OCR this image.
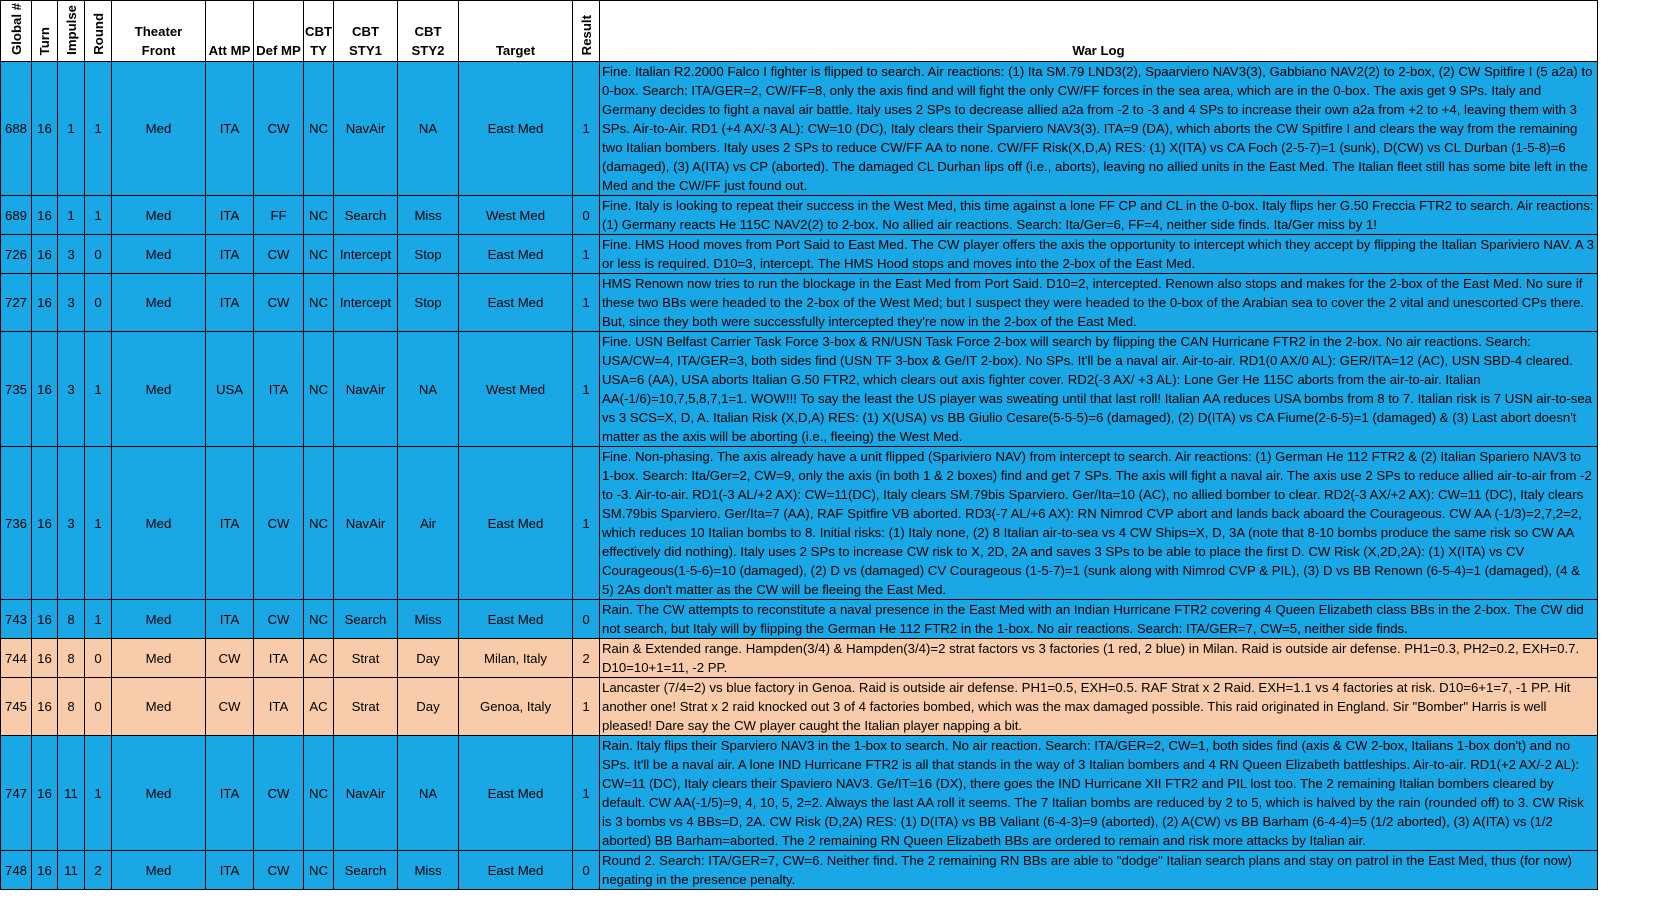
Global #	Turn	Impulse	Round	Theater Front	Att MP	Def MP	CBT TY	CBT STY1	CBT STY2	Target	Result	War Log
688	16	1	1	Med	ITA	CW	NC	NavAir	NA	East Med	1	Fine. Italian R2.2000 Falco I fighter is flipped to search. Air reactions: (1) Ita SM.79 LND3(2), Spaarviero NAV3(3), Gabbiano NAV2(2) to 2-box, (2) CW Spitfire I (5 a2a) to 0-box. Search: ITA/GER=2, CW/FF=8, only the axis find and will fight the only CW/FF forces in the sea area, which are in the 0-box. The axis get 9 SPs. Italy and Germany decides to fight a naval air battle. Italy uses 2 SPs to decrease allied a2a from -2 to -3 and 4 SPs to increase their own a2a from +2 to +4, leaving them with 3 SPs. Air-to-Air. RD1 (+4 AX/-3 AL): CW=10 (DC), Italy clears their Sparviero NAV3(3). ITA=9 (DA), which aborts the CW Spitfire I and clears the way from the remaining two Italian bombers. Italy uses 2 SPs to reduce CW/FF AA to none. CW/FF Risk(X,D,A) RES: (1) X(ITA) vs CA Foch (2-5-7)=1 (sunk), D(CW) vs CL Durban (1-5-8)=6 (damaged), (3) A(ITA) vs CP (aborted). The damaged CL Durhan lips off (i.e., aborts), leaving no allied units in the East Med. The Italian fleet still has some bite left in the Med and the CW/FF just found out.
689	16	1	1	Med	ITA	FF	NC	Search	Miss	West Med	0	Fine. Italy is looking to repeat their success in the West Med, this time against a lone FF CP and CL in the 0-box. Italy flips her G.50 Freccia FTR2 to search. Air reactions: (1) Germany reacts He 115C NAV2(2) to 2-box. No allied air reactions. Search: Ita/Ger=6, FF=4, neither side finds. Ita/Ger miss by 1!
726	16	3	0	Med	ITA	CW	NC	Intercept	Stop	East Med	1	Fine. HMS Hood moves from Port Said to East Med. The CW player offers the axis the opportunity to intercept which they accept by flipping the Italian Spariviero NAV. A 3 or less is required. D10=3, intercept. The HMS Hood stops and moves into the 2-box of the East Med.
727	16	3	0	Med	ITA	CW	NC	Intercept	Stop	East Med	1	HMS Renown now tries to run the blockage in the East Med from Port Said. D10=2, intercepted. Renown also stops and makes for the 2-box of the East Med. No sure if these two BBs were headed to the 2-box of the West Med; but I suspect they were headed to the 0-box of the Arabian sea to cover the 2 vital and unescorted CPs there. But, since they both were successfully intercepted they're now in the 2-box of the East Med.
735	16	3	1	Med	USA	ITA	NC	NavAir	NA	West Med	1	Fine. USN Belfast Carrier Task Force 3-box & RN/USN Task Force 2-box will search by flipping the CAN Hurricane FTR2 in the 2-box. No air reactions. Search: USA/CW=4, ITA/GER=3, both sides find (USN TF 3-box & Ge/IT 2-box). No SPs. It'll be a naval air. Air-to-air. RD1(0 AX/0 AL): GER/ITA=12 (AC), USN SBD-4 cleared. USA=6 (AA), USA aborts Italian G.50 FTR2, which clears out axis fighter cover. RD2(-3 AX/ +3 AL): Lone Ger He 115C aborts from the air-to-air. Italian AA(-1/6)=10,7,5,8,7,1=1. WOW!!! To say the least the US player was sweating until that last roll! Italian AA reduces USA bombs from 8 to 7. Italian risk is 7 USN air-to-sea vs 3 SCS=X, D, A. Italian Risk (X,D,A) RES: (1) X(USA) vs BB Giulio Cesare(5-5-5)=6 (damaged), (2) D(ITA) vs CA Fiume(2-6-5)=1 (damaged) & (3) Last abort doesn't matter as the axis will be aborting (i.e., fleeing) the West Med.
736	16	3	1	Med	ITA	CW	NC	NavAir	Air	East Med	1	Fine. Non-phasing. The axis already have a unit flipped (Spariviero NAV) from intercept to search. Air reactions: (1) German He 112 FTR2 & (2) Italian Spariero NAV3 to 1-box. Search: Ita/Ger=2, CW=9, only the axis (in both 1 & 2 boxes) find and get 7 SPs. The axis will fight a naval air. The axis use 2 SPs to reduce allied air-to-air from -2 to -3. Air-to-air. RD1(-3 AL/+2 AX): CW=11(DC), Italy clears SM.79bis Sparviero. Ger/Ita=10 (AC), no allied bomber to clear. RD2(-3 AX/+2 AX): CW=11 (DC), Italy clears SM.79bis Sparviero. Ger/Ita=7 (AA), RAF Spitfire VB aborted. RD3(-7 AL/+6 AX): RN Nimrod CVP abort and lands back aboard the Courageous. CW AA (-1/3)=2,7,2=2, which reduces 10 Italian bombs to 8. Initial risks: (1) Italy none, (2) 8 Italian air-to-sea vs 4 CW Ships=X, D, 3A (note that 8-10 bombs produce the same risk so CW AA effectively did nothing). Italy uses 2 SPs to increase CW risk to X, 2D, 2A and saves 3 SPs to be able to place the first D. CW Risk (X,2D,2A): (1) X(ITA) vs CV Courageous(1-5-6)=10 (damaged), (2) D vs (damaged) CV Courageous (1-5-7)=1 (sunk along with Nimrod CVP & PIL), (3) D vs BB Renown (6-5-4)=1 (damaged), (4 & 5) 2As don't matter as the CW will be fleeing the East Med.
743	16	8	1	Med	ITA	CW	NC	Search	Miss	East Med	0	Rain. The CW attempts to reconstitute a naval presence in the East Med with an Indian Hurricane FTR2 covering 4 Queen Elizabeth class BBs in the 2-box. The CW did not search, but Italy will by flipping the German He 112 FTR2 in the 1-box. No air reactions. Search: ITA/GER=7, CW=5, neither side finds.
744	16	8	0	Med	CW	ITA	AC	Strat	Day	Milan, Italy	2	Rain & Extended range. Hampden(3/4) & Hampden(3/4)=2 strat factors vs 3 factories (1 red, 2 blue) in Milan. Raid is outside air defense. PH1=0.3, PH2=0.2, EXH=0.7. D10=10+1=11, -2 PP.
745	16	8	0	Med	CW	ITA	AC	Strat	Day	Genoa, Italy	1	Lancaster (7/4=2) vs blue factory in Genoa. Raid is outside air defense. PH1=0.5, EXH=0.5. RAF Strat x 2 Raid. EXH=1.1 vs 4 factories at risk. D10=6+1=7, -1 PP. Hit another one! Strat x 2 raid knocked out 3 of 4 factories bombed, which was the max damaged possible. This raid originated in England. Sir "Bomber" Harris is well pleased! Dare say the CW player caught the Italian player napping a bit.
747	16	11	1	Med	ITA	CW	NC	NavAir	NA	East Med	1	Rain. Italy flips their Sparviero NAV3 in the 1-box to search. No air reaction. Search: ITA/GER=2, CW=1, both sides find (axis & CW 2-box, Italians 1-box don't) and no SPs. It'll be a naval air. A lone IND Hurricane FTR2 is all that stands in the way of 3 Italian bombers and 4 RN Queen Elizabeth battleships. Air-to-air. RD1(+2 AX/-2 AL): CW=11 (DC), Italy clears their Spaviero NAV3. Ge/IT=16 (DX), there goes the IND Hurricane XII FTR2 and PIL lost too. The 2 remaining Italian bombers cleared by default. CW AA(-1/5)=9, 4, 10, 5, 2=2. Always the last AA roll it seems. The 7 Italian bombs are reduced by 2 to 5, which is halved by the rain (rounded off) to 3. CW Risk is 3 bombs vs 4 BBs=D, 2A. CW Risk (D,2A) RES: (1) D(ITA) vs BB Valiant (6-4-3)=9 (aborted), (2) A(CW) vs BB Barham (6-4-4)=5 (1/2 aborted), (3) A(ITA) vs (1/2 aborted) BB Barham=aborted. The 2 remaining RN Queen Elizabeth BBs are ordered to remain and risk more attacks by Italian air.
748	16	11	2	Med	ITA	CW	NC	Search	Miss	East Med	0	Round 2. Search: ITA/GER=7, CW=6. Neither find. The 2 remaining RN BBs are able to "dodge" Italian search plans and stay on patrol in the East Med, thus (for now) negating in the presence penalty.
